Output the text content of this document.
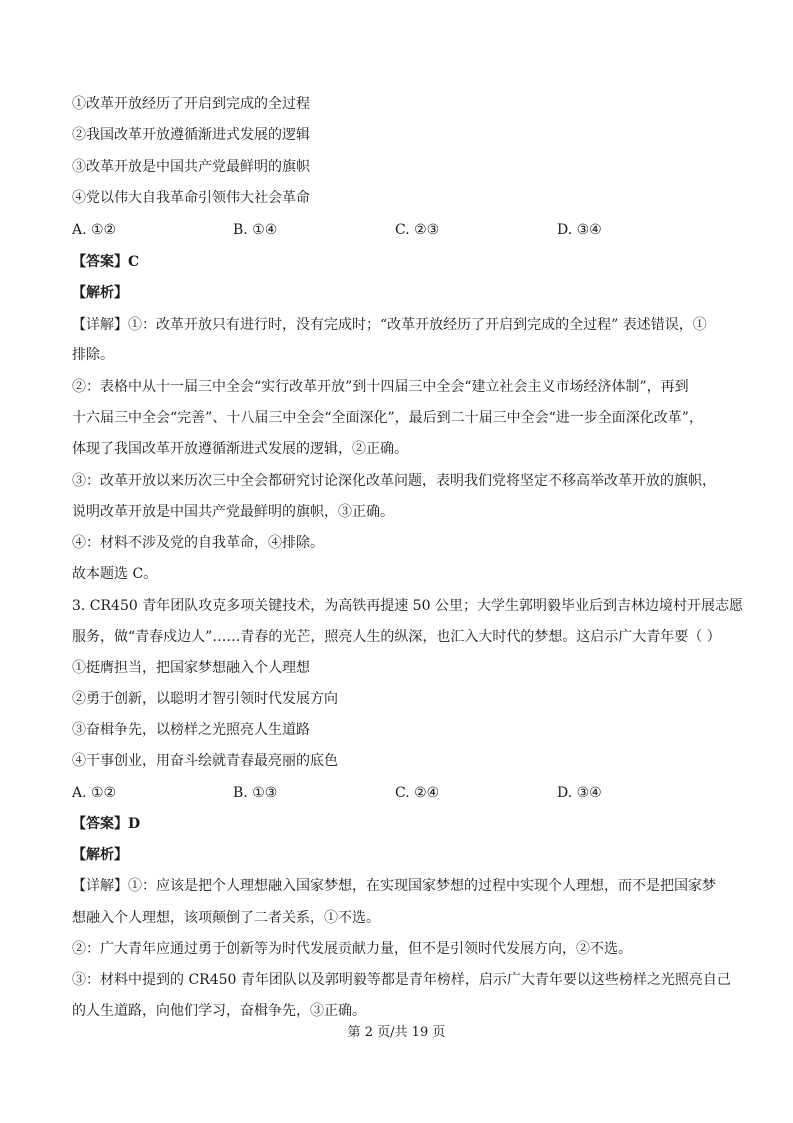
①改革开放经历了开启到完成的全过程
②我国改革开放遵循渐进式发展的逻辑
③改革开放是中国共产党最鲜明的旗帜
④党以伟大自我革命引领伟大社会革命
A. ①②	B. ①④	C. ②③	D. ③④
【答案】C
【解析】
【详解】①：改革开放只有进行时，没有完成时；“改革开放经历了开启到完成的全过程” 表述错误，①
排除。
②：表格中从十一届三中全会“实行改革开放”到十四届三中全会“建立社会主义市场经济体制”，再到
十六届三中全会“完善”、十八届三中全会“全面深化”，最后到二十届三中全会“进一步全面深化改革”，
体现了我国改革开放遵循渐进式发展的逻辑，②正确。
③：改革开放以来历次三中全会都研究讨论深化改革问题，表明我们党将坚定不移高举改革开放的旗帜，
说明改革开放是中国共产党最鲜明的旗帜，③正确。
④：材料不涉及党的自我革命，④排除。
故本题选 C。
3. CR450 青年团队攻克多项关键技术，为高铁再提速 50 公里；大学生郭明毅毕业后到吉林边境村开展志愿
服务，做“青春戍边人”……青春的光芒，照亮人生的纵深，也汇入大时代的梦想。这启示广大青年要（ ）
①挺膺担当，把国家梦想融入个人理想
②勇于创新，以聪明才智引领时代发展方向
③奋楫争先，以榜样之光照亮人生道路
④干事创业，用奋斗绘就青春最亮丽的底色
A. ①②	B. ①③	C. ②④	D. ③④
【答案】D
【解析】
【详解】①：应该是把个人理想融入国家梦想，在实现国家梦想的过程中实现个人理想，而不是把国家梦
想融入个人理想，该项颠倒了二者关系，①不选。
②：广大青年应通过勇于创新等为时代发展贡献力量，但不是引领时代发展方向，②不选。
③：材料中提到的 CR450 青年团队以及郭明毅等都是青年榜样，启示广大青年要以这些榜样之光照亮自己
的人生道路，向他们学习，奋楫争先，③正确。
第 2 页/共 19 页
